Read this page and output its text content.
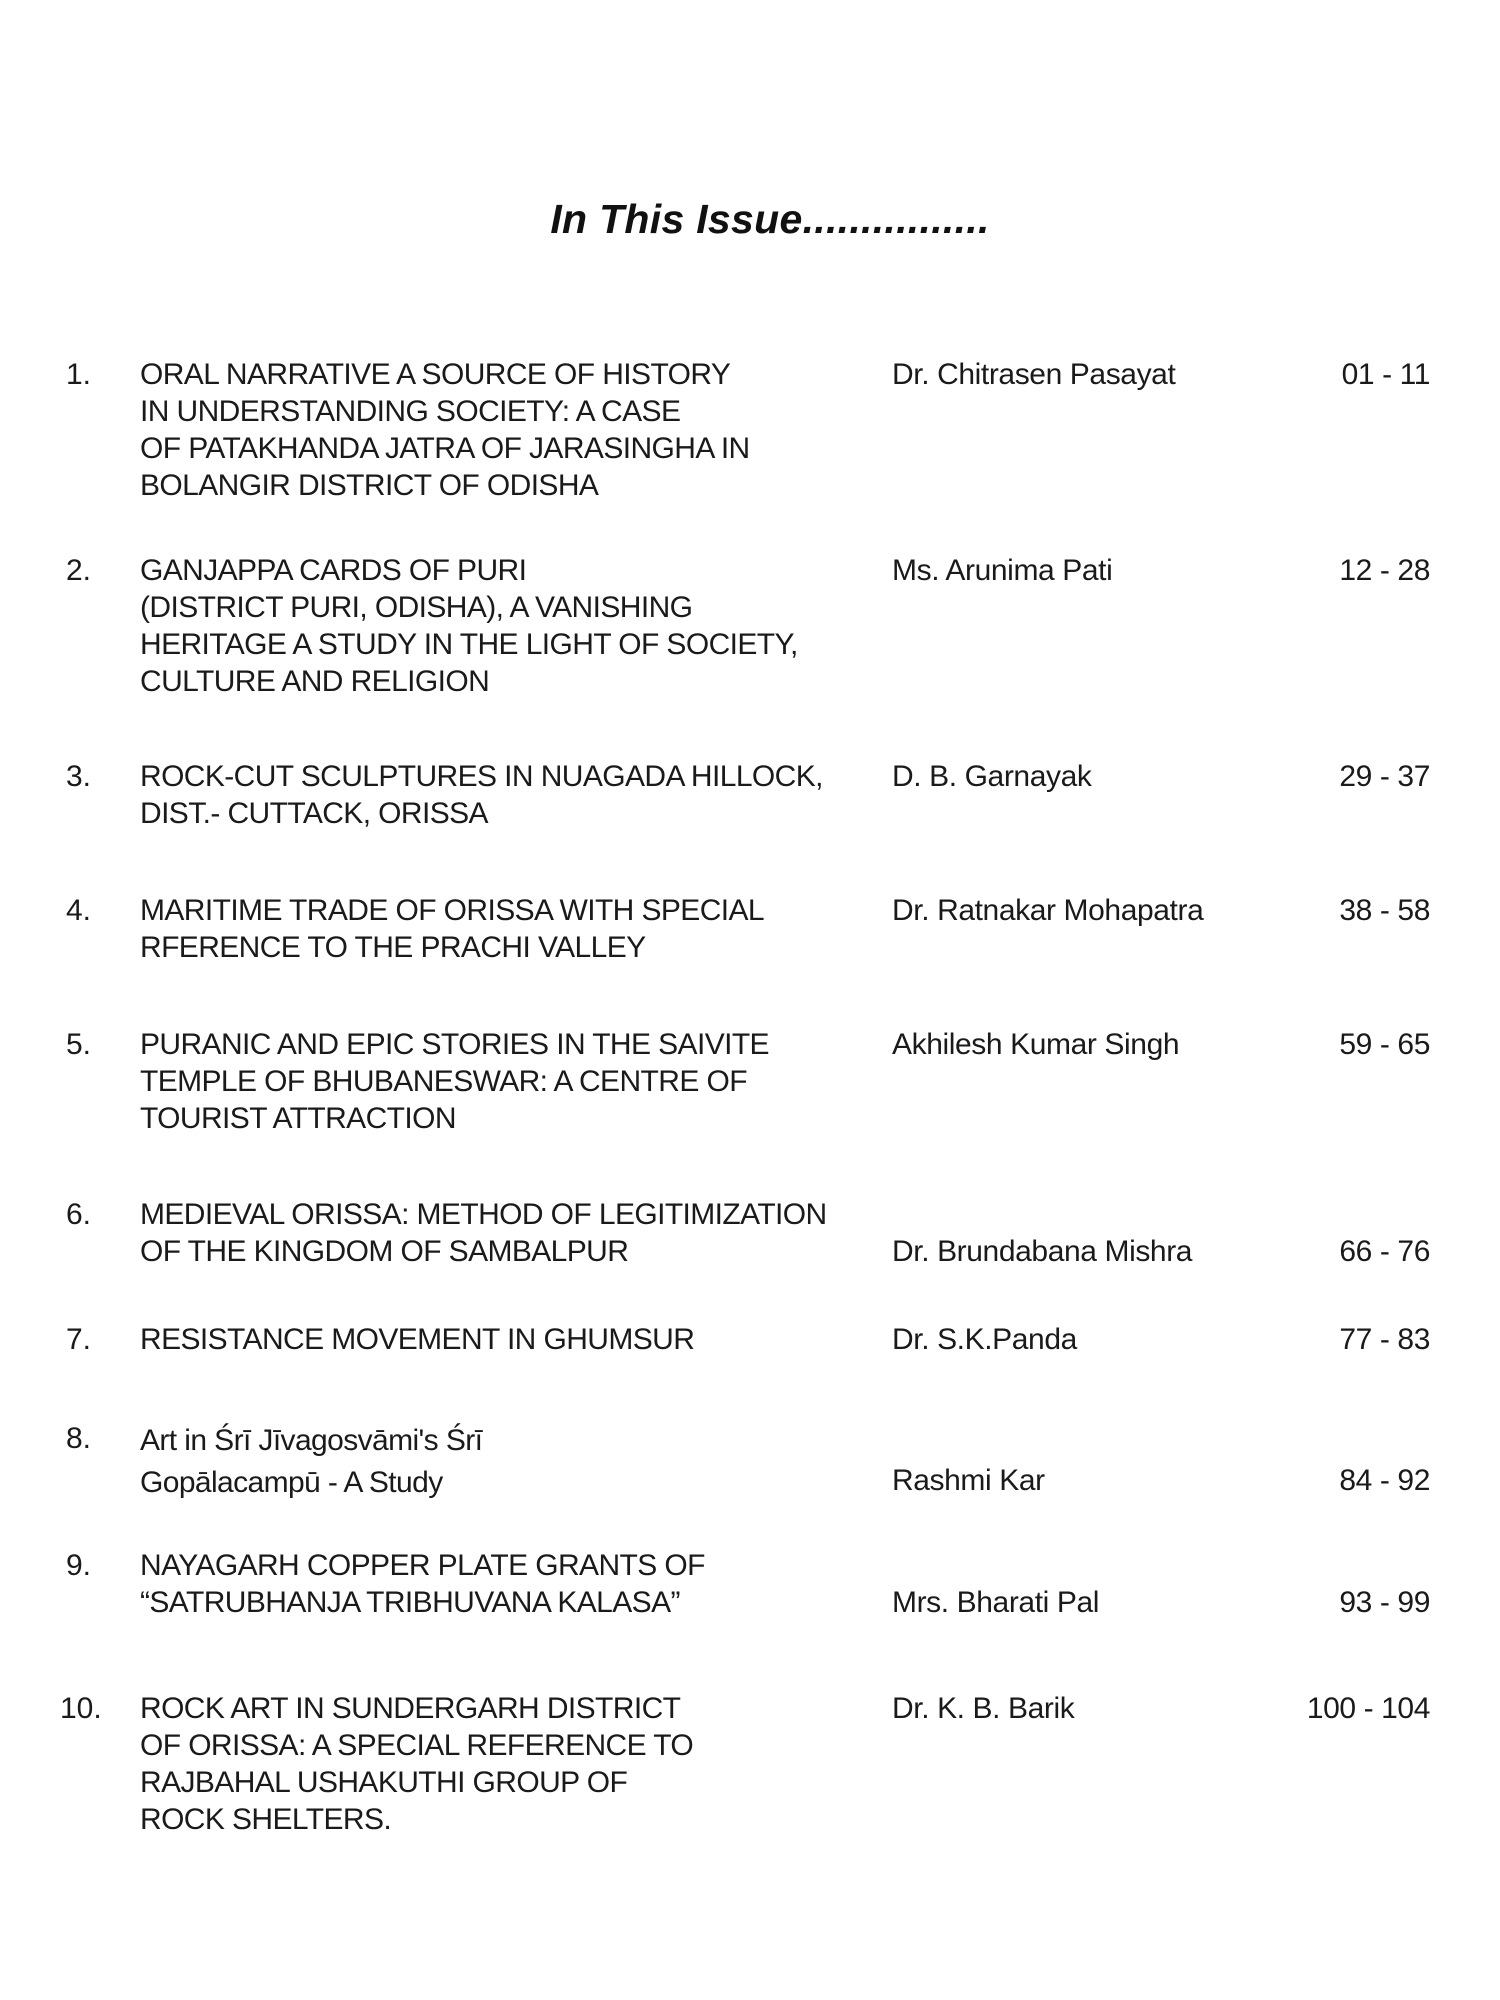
In This Issue................
1.	ORAL NARRATIVE A SOURCE OF HISTORY
IN UNDERSTANDING SOCIETY: A CASE
OF PATAKHANDA JATRA OF JARASINGHA IN
BOLANGIR DISTRICT OF ODISHA
Dr. Chitrasen Pasayat	01 - 11
2.	GANJAPPA CARDS OF PURI
(DISTRICT PURI, ODISHA), A VANISHING
HERITAGE A STUDY IN THE LIGHT OF SOCIETY,
CULTURE AND RELIGION
Ms. Arunima Pati	12 - 28
3.	ROCK-CUT SCULPTURES IN NUAGADA HILLOCK,
DIST.- CUTTACK, ORISSA
D. B. Garnayak	29 - 37
4.	MARITIME TRADE OF ORISSA WITH SPECIAL
RFERENCE TO THE PRACHI VALLEY
Dr. Ratnakar Mohapatra	38 - 58
5.	PURANIC AND EPIC STORIES IN THE SAIVITE
TEMPLE OF BHUBANESWAR: A CENTRE OF
TOURIST ATTRACTION
Akhilesh Kumar Singh	59 - 65
6.	MEDIEVAL ORISSA: METHOD OF LEGITIMIZATION
OF THE KINGDOM OF SAMBALPUR	Dr. Brundabana Mishra	66 - 76
7.	RESISTANCE MOVEMENT IN GHUMSUR	Dr. S.K.Panda	77 - 83
8.	Art in Śrī Jīvagosvāmi's Śrī
Gopālacampū - A Study	Rashmi Kar	84 - 92
9.	NAYAGARH COPPER PLATE GRANTS OF
“SATRUBHANJA TRIBHUVANA KALASA”	Mrs. Bharati Pal	93 - 99
10.	ROCK ART IN SUNDERGARH DISTRICT
OF ORISSA: A SPECIAL REFERENCE TO
RAJBAHAL USHAKUTHI GROUP OF
ROCK SHELTERS.
Dr. K. B. Barik	100 - 104
